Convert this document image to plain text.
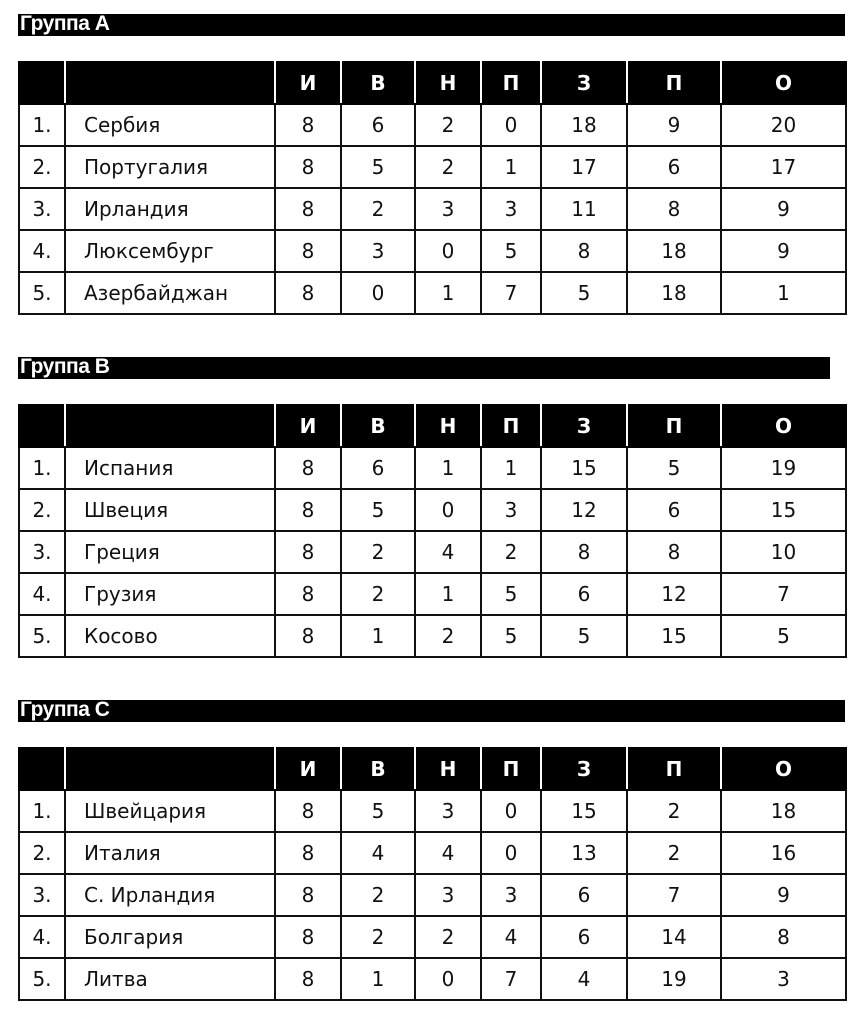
Группа A
		И	В	Н	П	З	П	О
1.	Сербия	8	6	2	0	18	9	20
2.	Португалия	8	5	2	1	17	6	17
3.	Ирландия	8	2	3	3	11	8	9
4.	Люксембург	8	3	0	5	8	18	9
5.	Азербайджан	8	0	1	7	5	18	1
Группа В
		И	В	Н	П	З	П	О
1.	Испания	8	6	1	1	15	5	19
2.	Швеция	8	5	0	3	12	6	15
3.	Греция	8	2	4	2	8	8	10
4.	Грузия	8	2	1	5	6	12	7
5.	Косово	8	1	2	5	5	15	5
Группа С
		И	В	Н	П	З	П	О
1.	Швейцария	8	5	3	0	15	2	18
2.	Италия	8	4	4	0	13	2	16
3.	С. Ирландия	8	2	3	3	6	7	9
4.	Болгария	8	2	2	4	6	14	8
5.	Литва	8	1	0	7	4	19	3
